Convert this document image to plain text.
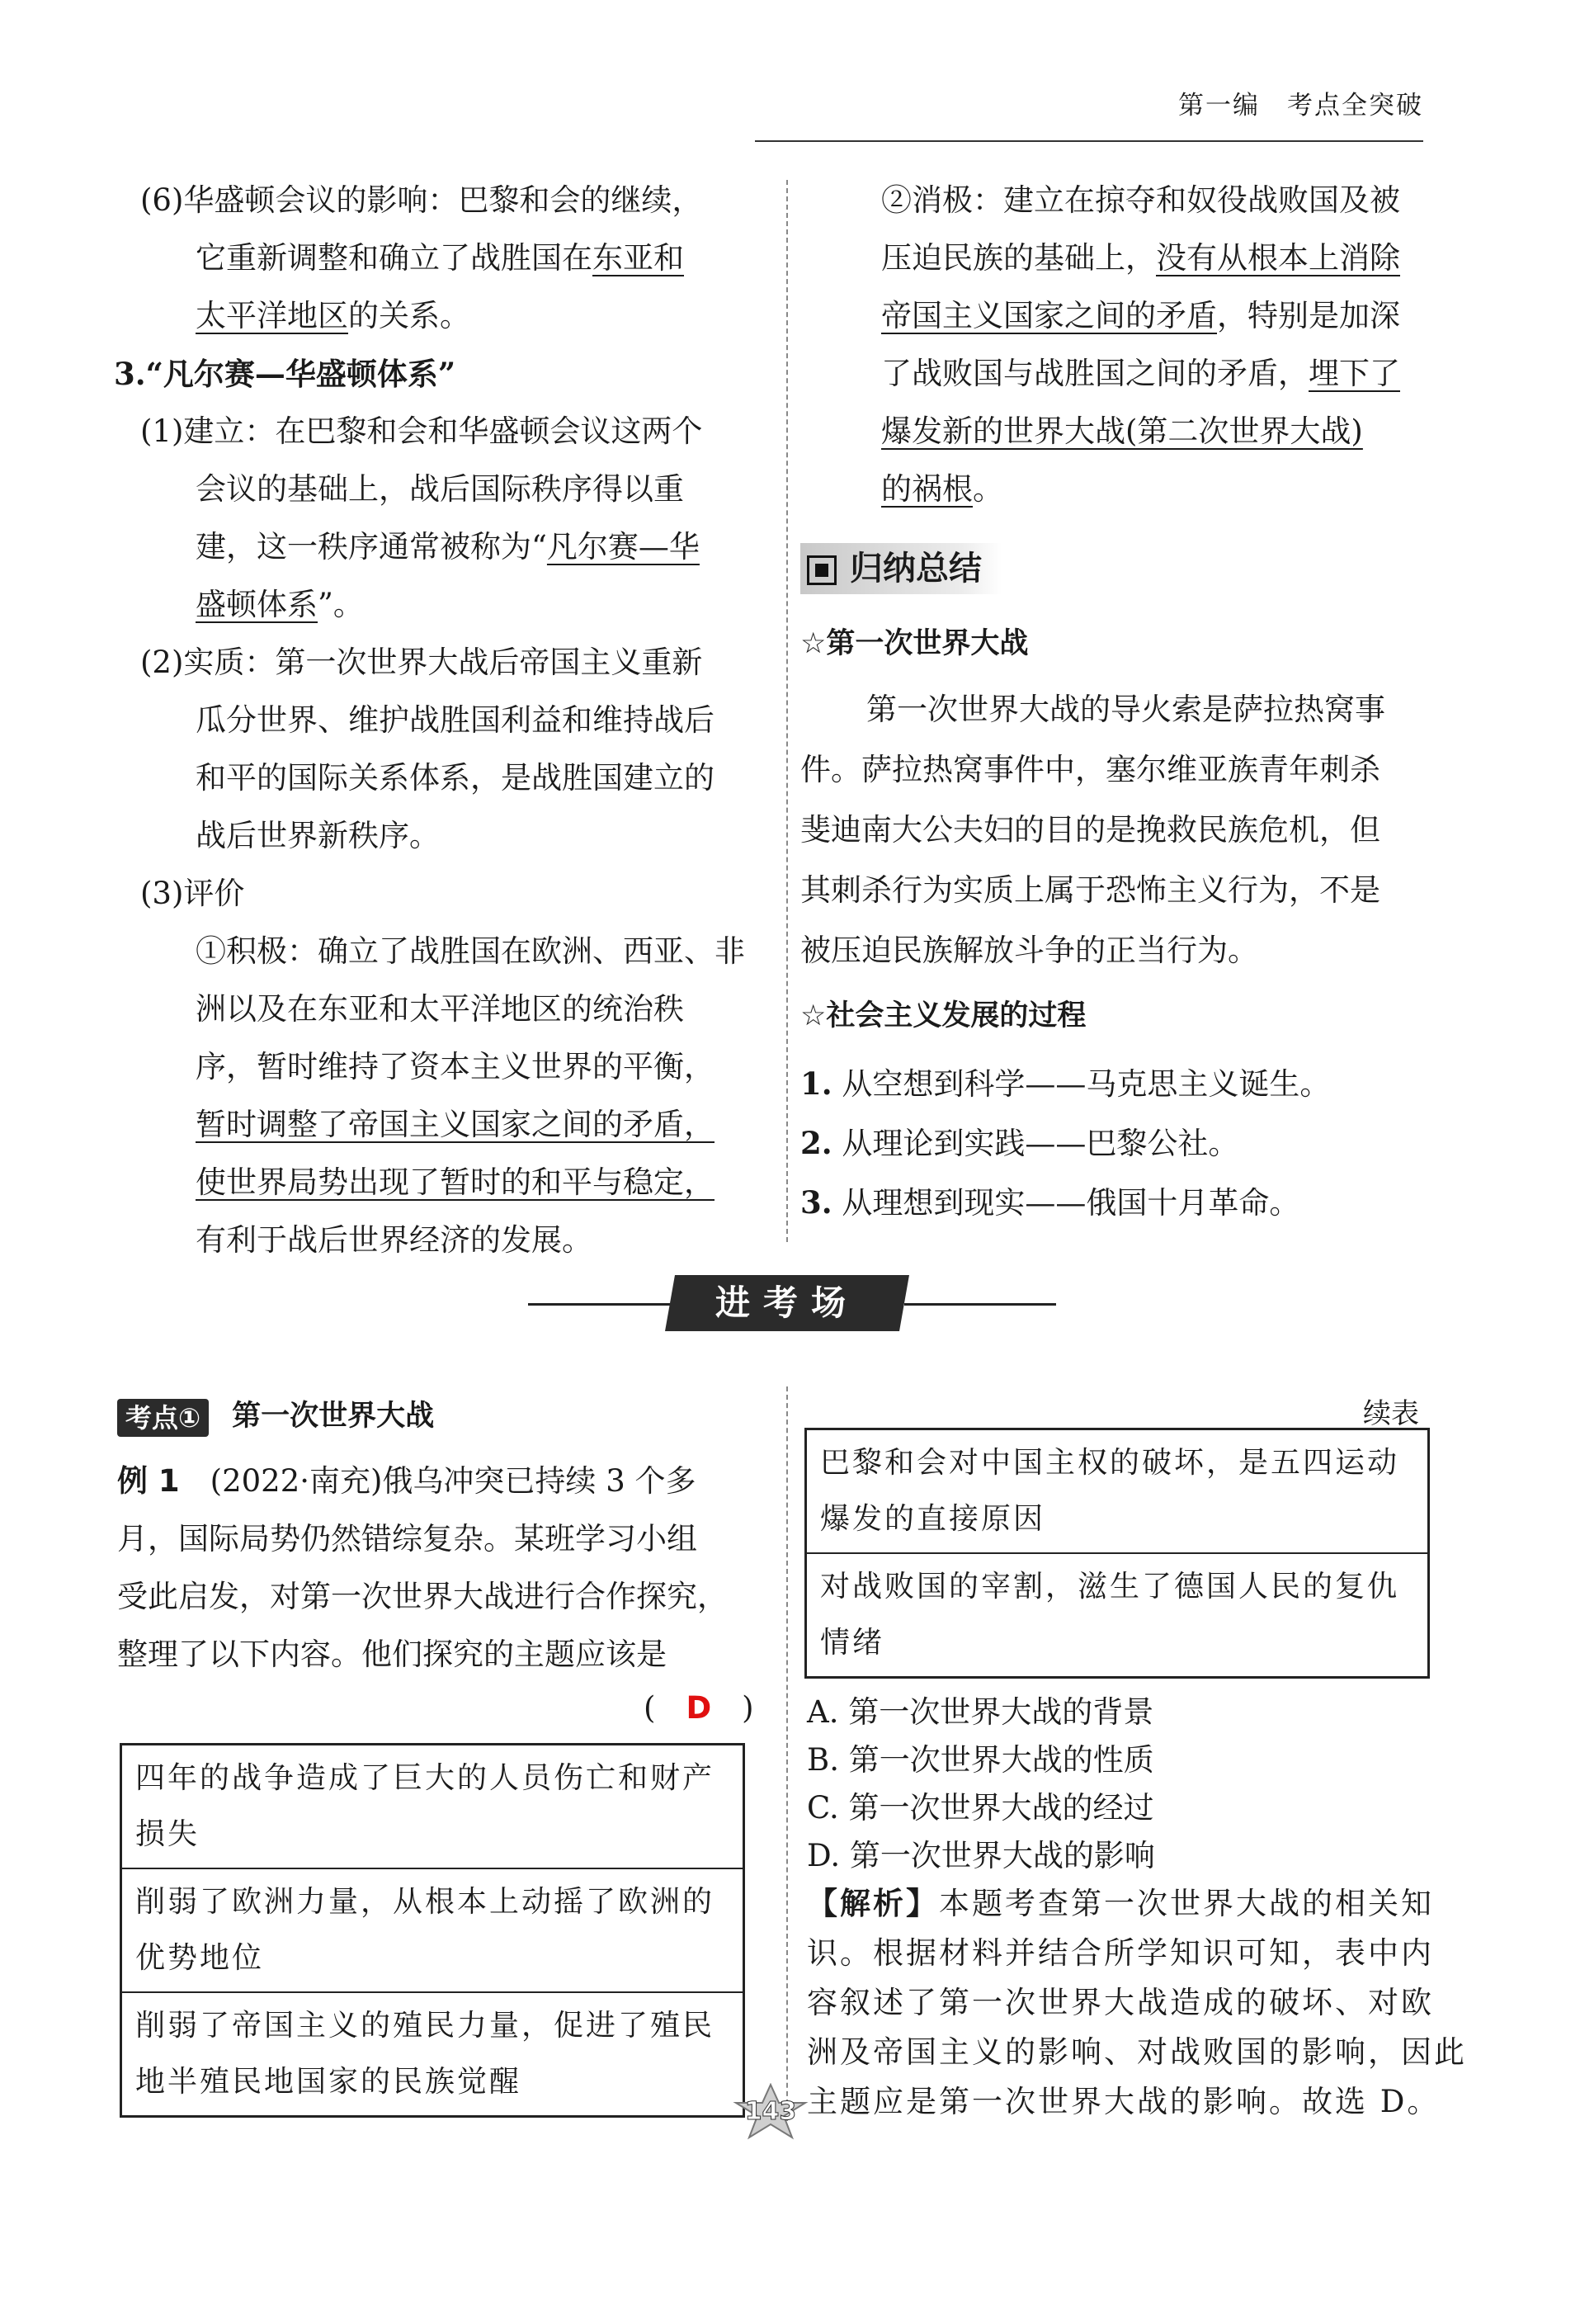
第一编　考点全突破
(6)华盛顿会议的影响：巴黎和会的继续，
它重新调整和确立了战胜国在东亚和
太平洋地区的关系。
3.“凡尔赛—华盛顿体系”
(1)建立：在巴黎和会和华盛顿会议这两个
会议的基础上，战后国际秩序得以重
建，这一秩序通常被称为“凡尔赛—华
盛顿体系”。
(2)实质：第一次世界大战后帝国主义重新
瓜分世界、维护战胜国利益和维持战后
和平的国际关系体系，是战胜国建立的
战后世界新秩序。
(3)评价
①积极：确立了战胜国在欧洲、西亚、非
洲以及在东亚和太平洋地区的统治秩
序，暂时维持了资本主义世界的平衡，
暂时调整了帝国主义国家之间的矛盾，
使世界局势出现了暂时的和平与稳定，
有利于战后世界经济的发展。
②消极：建立在掠夺和奴役战败国及被
压迫民族的基础上，没有从根本上消除
帝国主义国家之间的矛盾，特别是加深
了战败国与战胜国之间的矛盾，埋下了
爆发新的世界大战(第二次世界大战)
的祸根。
归纳总结
☆第一次世界大战
第一次世界大战的导火索是萨拉热窝事
件。萨拉热窝事件中，塞尔维亚族青年刺杀
斐迪南大公夫妇的目的是挽救民族危机，但
其刺杀行为实质上属于恐怖主义行为，不是
被压迫民族解放斗争的正当行为。
☆社会主义发展的过程
1. 从空想到科学——马克思主义诞生。
2. 从理论到实践——巴黎公社。
3. 从理想到现实——俄国十月革命。
进考场
考点① 第一次世界大战
例 1　 (2022·南充)俄乌冲突已持续 3 个多
月，国际局势仍然错综复杂。某班学习小组
受此启发，对第一次世界大战进行合作探究，
整理了以下内容。他们探究的主题应该是
(　 D　 )
四年的战争造成了巨大的人员伤亡和财产
损失
削弱了欧洲力量，从根本上动摇了欧洲的
优势地位
削弱了帝国主义的殖民力量，促进了殖民
地半殖民地国家的民族觉醒
续表
巴黎和会对中国主权的破坏，是五四运动
爆发的直接原因
对战败国的宰割，滋生了德国人民的复仇
情绪
A. 第一次世界大战的背景
B. 第一次世界大战的性质
C. 第一次世界大战的经过
D. 第一次世界大战的影响
【解析】本题考查第一次世界大战的相关知
识。根据材料并结合所学知识可知，表中内
容叙述了第一次世界大战造成的破坏、对欧
洲及帝国主义的影响、对战败国的影响，因此
主题应是第一次世界大战的影响。故选 D。
143
